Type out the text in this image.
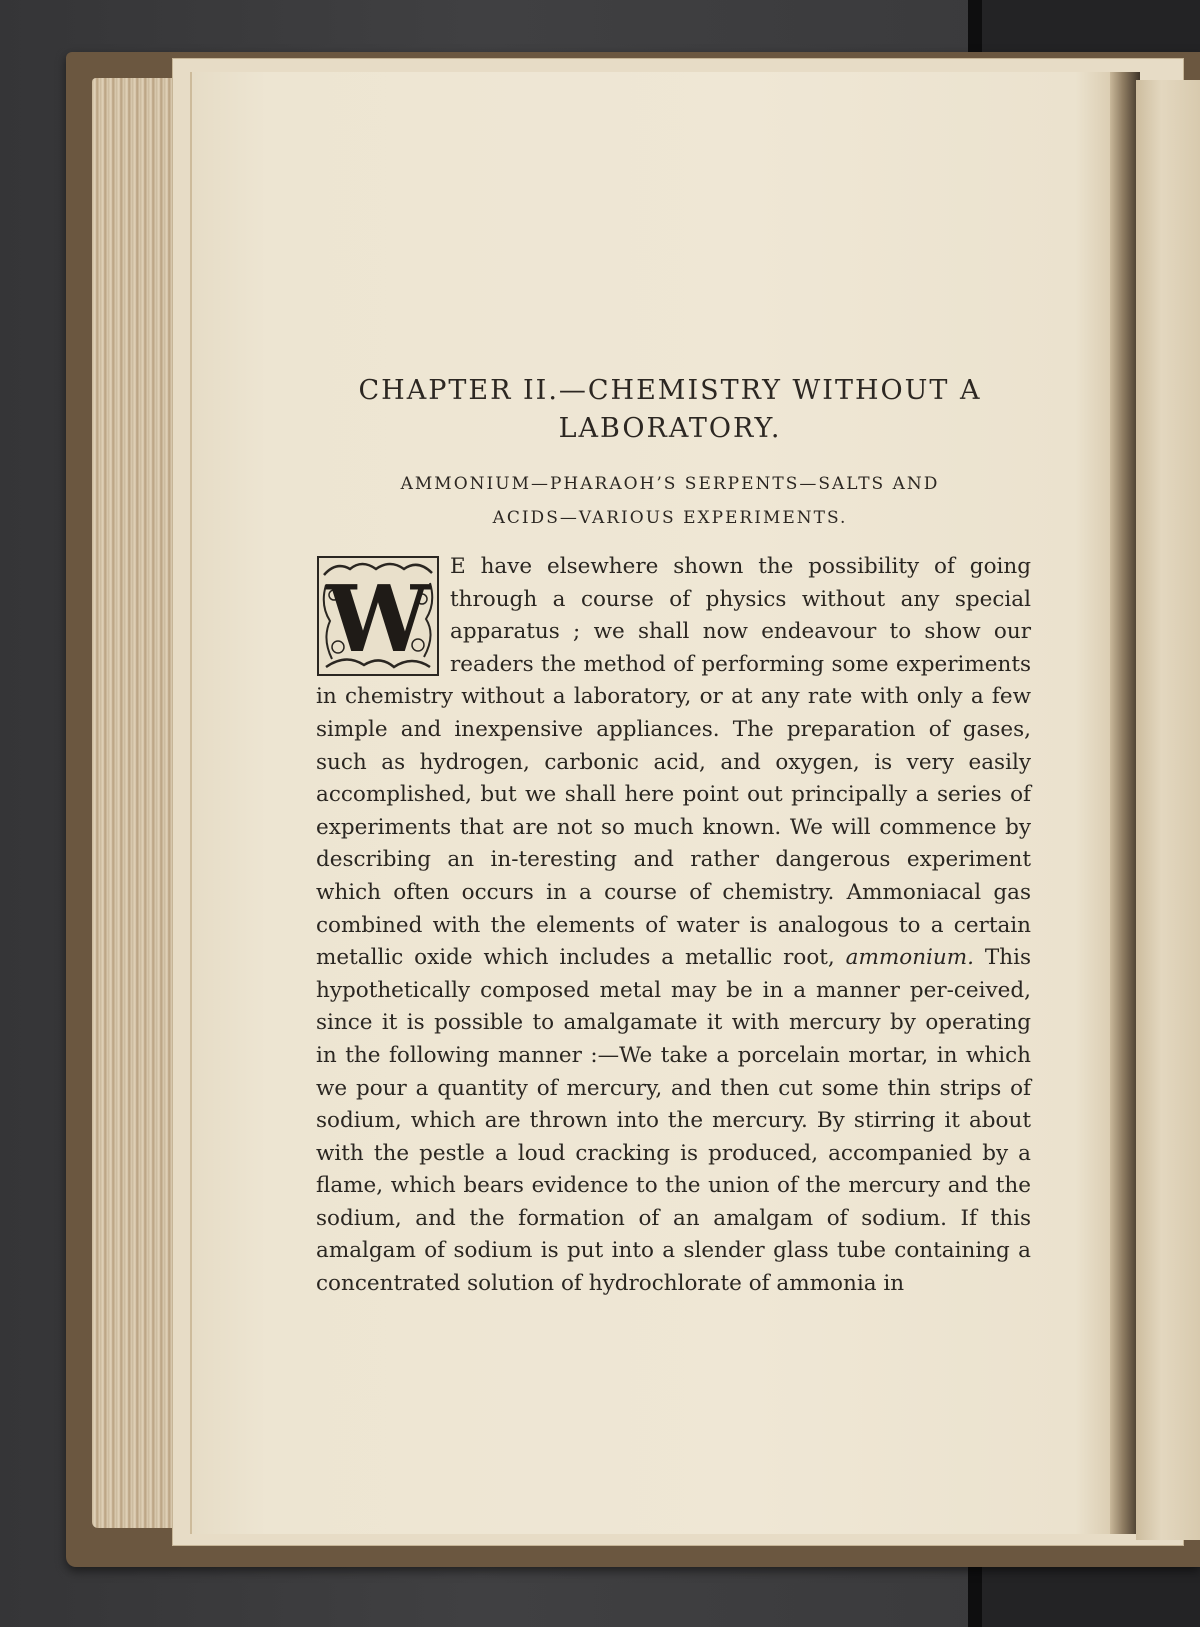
CHAPTER II.—CHEMISTRY WITHOUT A
LABORATORY.
AMMONIUM—PHARAOH’S SERPENTS—SALTS AND
ACIDS—VARIOUS EXPERIMENTS.

W E have elsewhere shown the possibility of going through a course of physics without any special apparatus ; we shall now endeavour to show our readers the method of performing some experiments in chemistry without a laboratory, or at any rate with only a few simple and inexpensive appliances. The preparation of gases, such as hydrogen, carbonic acid, and oxygen, is very easily accomplished, but we shall here point out principally a series of experiments that are not so much known. We will commence by describing an in-teresting and rather dangerous experiment which often occurs in a course of chemistry. Ammoniacal gas combined with the elements of water is analogous to a certain metallic oxide which includes a metallic root, ammonium. This hypothetically composed metal may be in a manner per-ceived, since it is possible to amalgamate it with mercury by operating in the following manner :—We take a porcelain mortar, in which we pour a quantity of mercury, and then cut some thin strips of sodium, which are thrown into the mercury. By stirring it about with the pestle a loud cracking is produced, accompanied by a flame, which bears evidence to the union of the mercury and the sodium, and the formation of an amalgam of sodium. If this amalgam of sodium is put into a slender glass tube containing a concentrated solution of hydrochlorate of ammonia in
